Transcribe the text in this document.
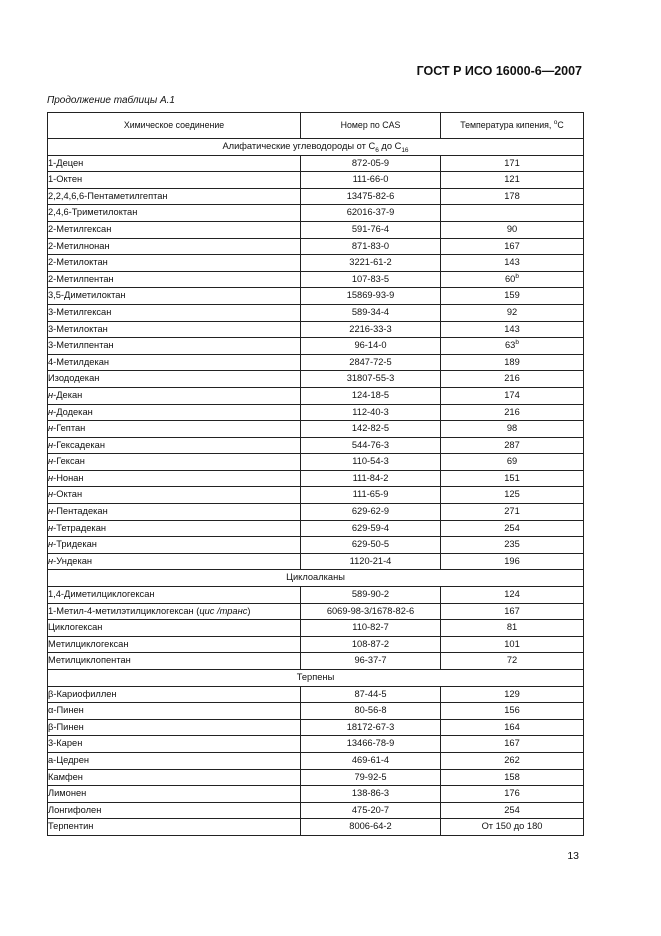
ГОСТ Р ИСО 16000-6—2007
Продолжение таблицы А.1
Химическое соединение	Номер по CAS	Температура кипения, $^o$C
Алифатические углеводороды от $C_6$ до $C_{16}$
1-Децен	872-05-9	171
1-Октен	111-66-0	121
2,2,4,6,6-Пентаметилгептан	13475-82-6	178
2,4,6-Триметилоктан	62016-37-9	
2-Метилгексан	591-76-4	90
2-Метилнонан	871-83-0	167
2-Метилоктан	3221-61-2	143
2-Метилпентан	107-83-5	60$^b$
3,5-Диметилоктан	15869-93-9	159
3-Метилгексан	589-34-4	92
3-Метилоктан	2216-33-3	143
3-Метилпентан	96-14-0	63$^b$
4-Метилдекан	2847-72-5	189
Изододекан	31807-55-3	216
н-Декан	124-18-5	174
н-Додекан	112-40-3	216
н-Гептан	142-82-5	98
н-Гексадекан	544-76-3	287
н-Гексан	110-54-3	69
н-Нонан	111-84-2	151
н-Октан	111-65-9	125
н-Пентадекан	629-62-9	271
н-Тетрадекан	629-59-4	254
н-Тридекан	629-50-5	235
н-Ундекан	1120-21-4	196
Циклоалканы		
1,4-Диметилциклогексан	589-90-2	124
1-Метил-4-метилэтилциклогексан (цис /транс)	6069-98-3/1678-82-6	167
Циклогексан	110-82-7	81
Метилциклогексан	108-87-2	101
Метилциклопентан	96-37-7	72
Терпены		
β-Кариофиллен	87-44-5	129
α-Пинен	80-56-8	156
β-Пинен	18172-67-3	164
3-Карен	13466-78-9	167
а-Цедрен	469-61-4	262
Камфен	79-92-5	158
Лимонен	138-86-3	176
Лонгифолен	475-20-7	254
Терпентин	8006-64-2	От 150 до 180
13
